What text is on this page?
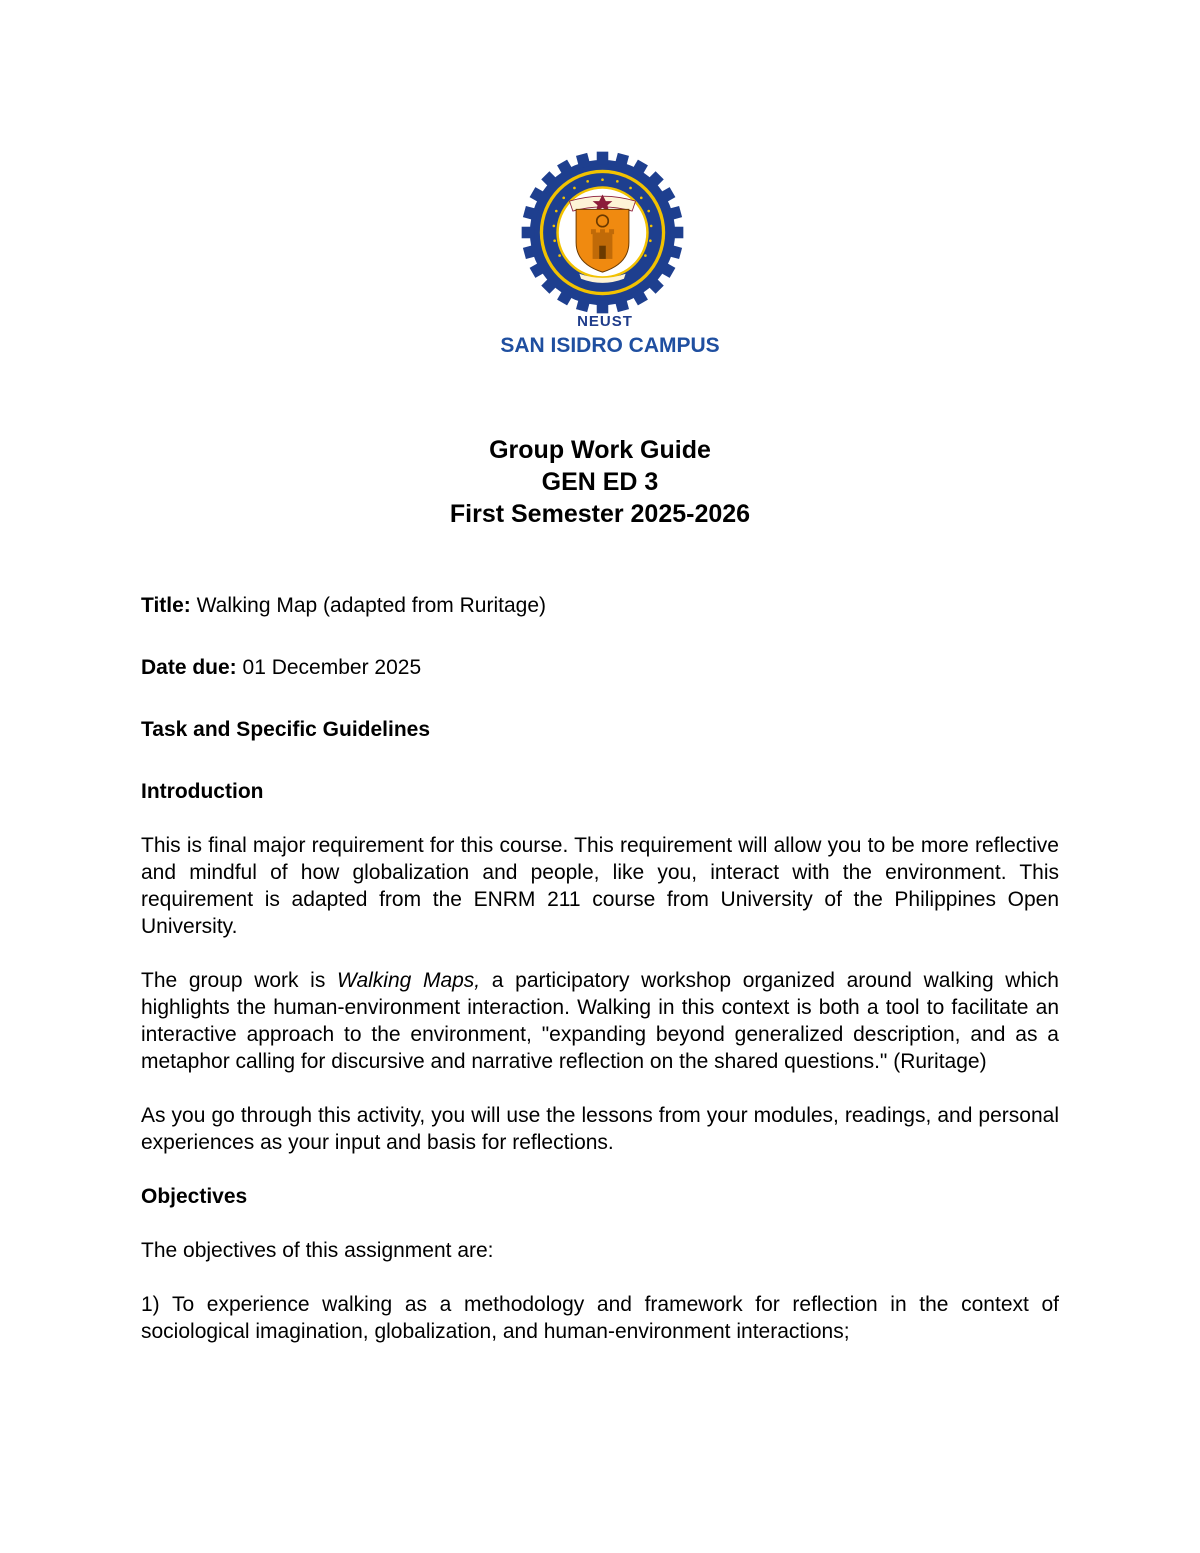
NEUST
SAN ISIDRO CAMPUS
Group Work Guide
GEN ED 3
First Semester 2025-2026
Title: Walking Map (adapted from Ruritage)
Date due: 01 December 2025
Task and Specific Guidelines
Introduction

This is final major requirement for this course. This requirement will allow you to be more reflective and mindful of how globalization and people, like you, interact with the environment. This requirement is adapted from the ENRM 211 course from University of the Philippines Open University.

The group work is Walking Maps, a participatory workshop organized around walking which highlights the human-environment interaction. Walking in this context is both a tool to facilitate an interactive approach to the environment, "expanding beyond generalized description, and as a metaphor calling for discursive and narrative reflection on the shared questions." (Ruritage)

As you go through this activity, you will use the lessons from your modules, readings, and personal experiences as your input and basis for reflections.

Objectives

The objectives of this assignment are:

1) To experience walking as a methodology and framework for reflection in the context of sociological imagination, globalization, and human-environment interactions;
